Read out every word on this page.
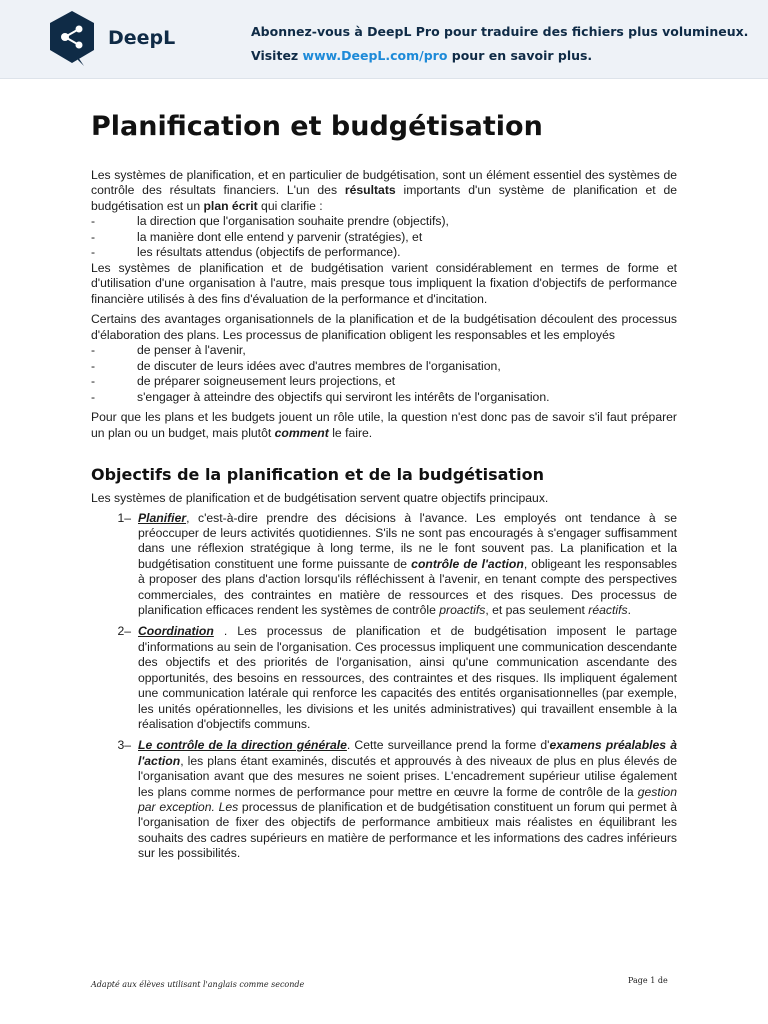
DeepL	Abonnez-vous à DeepL Pro pour traduire des fichiers plus volumineux.
Visitez www.DeepL.com/pro pour en savoir plus.
Planification et budgétisation

Les systèmes de planification, et en particulier de budgétisation, sont un élément essentiel des systèmes de contrôle des résultats financiers. L'un des résultats importants d'un système de planification et de budgétisation est un plan écrit qui clarifie :

-	la direction que l'organisation souhaite prendre (objectifs),
-	la manière dont elle entend y parvenir (stratégies), et
-	les résultats attendus (objectifs de performance).

Les systèmes de planification et de budgétisation varient considérablement en termes de forme et d'utilisation d'une organisation à l'autre, mais presque tous impliquent la fixation d'objectifs de performance financière utilisés à des fins d'évaluation de la performance et d'incitation.

Certains des avantages organisationnels de la planification et de la budgétisation découlent des processus d'élaboration des plans. Les processus de planification obligent les responsables et les employés

-	de penser à l'avenir,
-	de discuter de leurs idées avec d'autres membres de l'organisation,
-	de préparer soigneusement leurs projections, et
-	s'engager à atteindre des objectifs qui serviront les intérêts de l'organisation.

Pour que les plans et les budgets jouent un rôle utile, la question n'est donc pas de savoir s'il faut préparer un plan ou un budget, mais plutôt comment le faire.

Objectifs de la planification et de la budgétisation

Les systèmes de planification et de budgétisation servent quatre objectifs principaux.

1– Planifier, c'est-à-dire prendre des décisions à l'avance. Les employés ont tendance à se préoccuper de leurs activités quotidiennes. S'ils ne sont pas encouragés à s'engager suffisamment dans une réflexion stratégique à long terme, ils ne le font souvent pas. La planification et la budgétisation constituent une forme puissante de contrôle de l'action, obligeant les responsables à proposer des plans d'action lorsqu'ils réfléchissent à l'avenir, en tenant compte des perspectives commerciales, des contraintes en matière de ressources et des risques. Des processus de planification efficaces rendent les systèmes de contrôle proactifs, et pas seulement réactifs.

2– Coordination . Les processus de planification et de budgétisation imposent le partage d'informations au sein de l'organisation. Ces processus impliquent une communication descendante des objectifs et des priorités de l'organisation, ainsi qu'une communication ascendante des opportunités, des besoins en ressources, des contraintes et des risques. Ils impliquent également une communication latérale qui renforce les capacités des entités organisationnelles (par exemple, les unités opérationnelles, les divisions et les unités administratives) qui travaillent ensemble à la réalisation d'objectifs communs.

3– Le contrôle de la direction générale. Cette surveillance prend la forme d'examens préalables à l'action, les plans étant examinés, discutés et approuvés à des niveaux de plus en plus élevés de l'organisation avant que des mesures ne soient prises. L'encadrement supérieur utilise également les plans comme normes de performance pour mettre en œuvre la forme de contrôle de la gestion par exception. Les processus de planification et de budgétisation constituent un forum qui permet à l'organisation de fixer des objectifs de performance ambitieux mais réalistes en équilibrant les souhaits des cadres supérieurs en matière de performance et les informations des cadres inférieurs sur les possibilités.

Adapté aux élèves utilisant l'anglais comme seconde	Page 1 de
